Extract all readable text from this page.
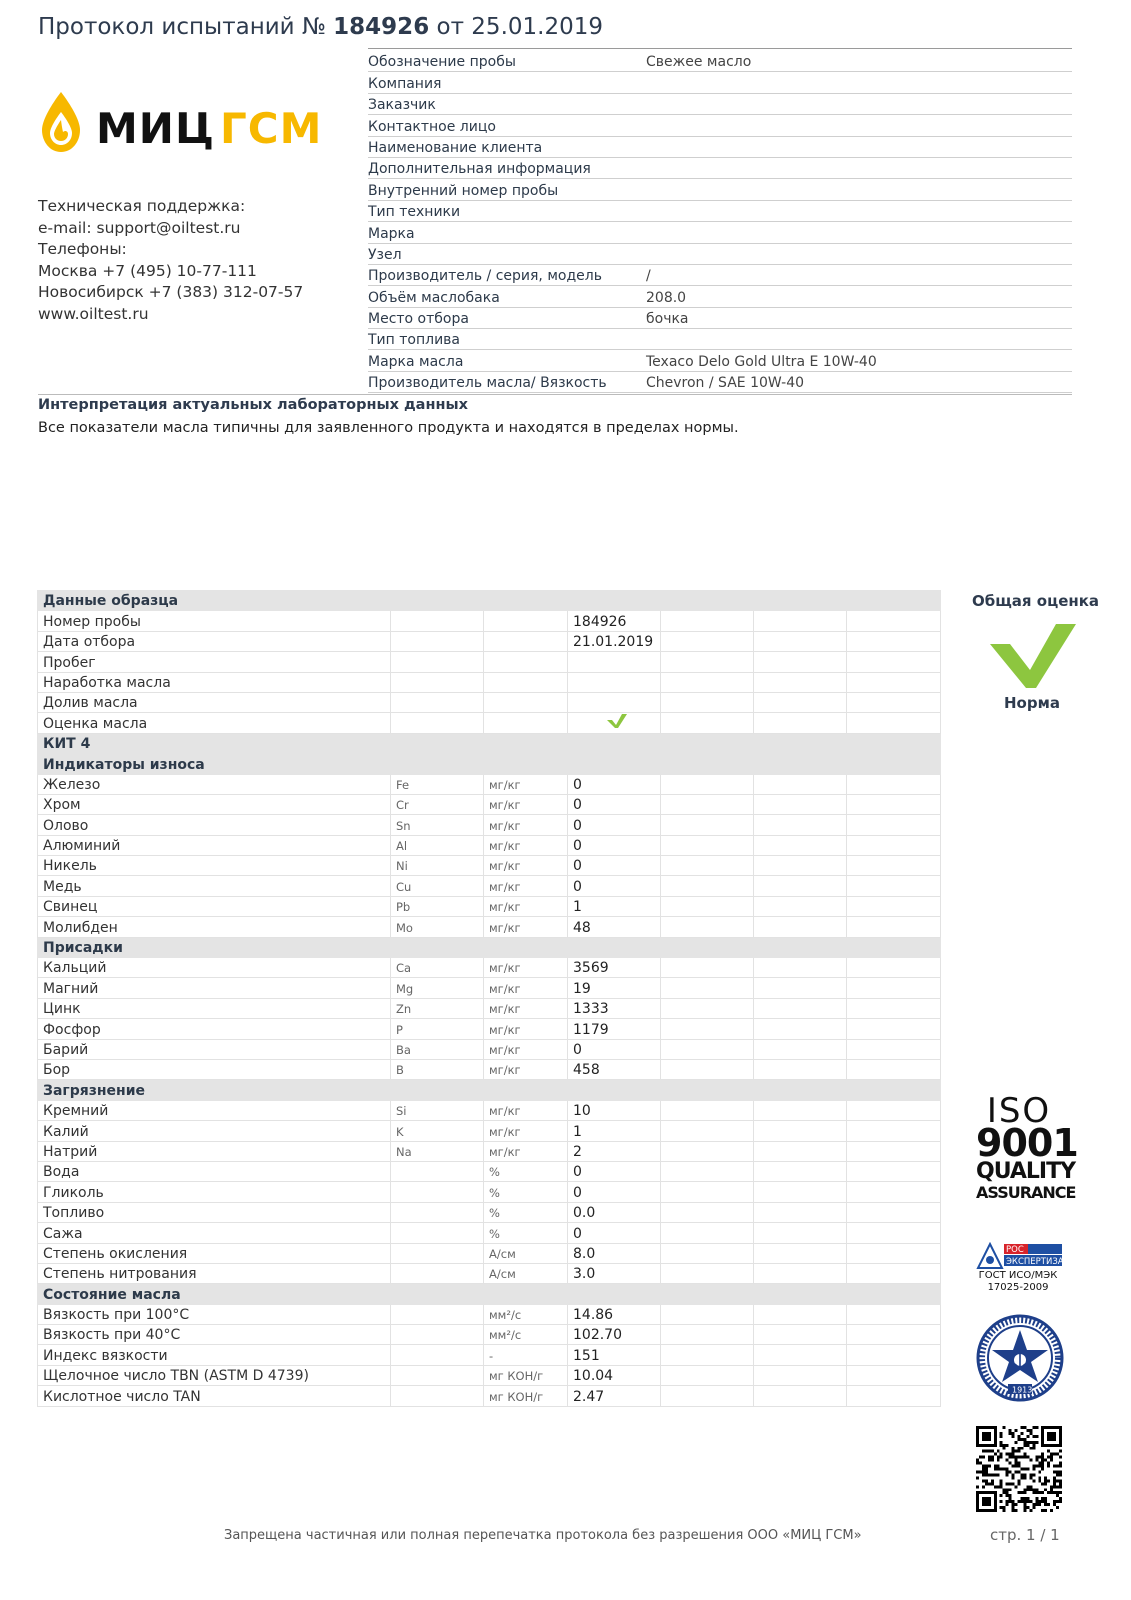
Протокол испытаний № 184926 от 25.01.2019
МИЦ ГСМ
Техническая поддержка:
e-mail: support@oiltest.ru
Телефоны:
Москва +7 (495) 10-77-111
Новосибирск +7 (383) 312-07-57
www.oiltest.ru
Обозначение пробы	Свежее масло
Компания
Заказчик
Контактное лицо
Наименование клиента
Дополнительная информация
Внутренний номер пробы
Тип техники
Марка
Узел
Производитель / серия, модель	/
Объём маслобака	208.0
Место отбора	бочка
Тип топлива
Марка масла	Texaco Delo Gold Ultra E 10W-40
Производитель масла/ Вязкость	Chevron / SAE 10W-40
Интерпретация актуальных лабораторных данных
Все показатели масла типичны для заявленного продукта и находятся в пределах нормы.
Данные образца						
Номер пробы			184926			
Дата отбора			21.01.2019			
Пробег						
Наработка масла						
Долив масла						
Оценка масла						
КИТ 4						
Индикаторы износа						
Железо	Fe	мг/кг	0			
Хром	Cr	мг/кг	0			
Олово	Sn	мг/кг	0			
Алюминий	Al	мг/кг	0			
Никель	Ni	мг/кг	0			
Медь	Cu	мг/кг	0			
Свинец	Pb	мг/кг	1			
Молибден	Mo	мг/кг	48			
Присадки						
Кальций	Ca	мг/кг	3569			
Магний	Mg	мг/кг	19			
Цинк	Zn	мг/кг	1333			
Фосфор	P	мг/кг	1179			
Барий	Ba	мг/кг	0			
Бор	B	мг/кг	458			
Загрязнение						
Кремний	Si	мг/кг	10			
Калий	K	мг/кг	1			
Натрий	Na	мг/кг	2			
Вода		%	0			
Гликоль		%	0			
Топливо		%	0.0			
Сажа		%	0			
Степень окисления		А/см	8.0			
Степень нитрования		А/см	3.0			
Состояние масла						
Вязкость при 100°C		мм²/с	14.86			
Вязкость при 40°C		мм²/с	102.70			
Индекс вязкости		-	151			
Щелочное число TBN (ASTM D 4739)		мг КОН/г	10.04			
Кислотное число TAN		мг КОН/г	2.47			
Общая оценка
Норма
ISO
9001
QUALITY
ASSURANCE
РОС
ЭКСПЕРТИЗА
ГОСТ ИСО/МЭК
17025-2009
1913
Запрещена частичная или полная перепечатка протокола без разрешения ООО «МИЦ ГСМ»	стр. 1 / 1
